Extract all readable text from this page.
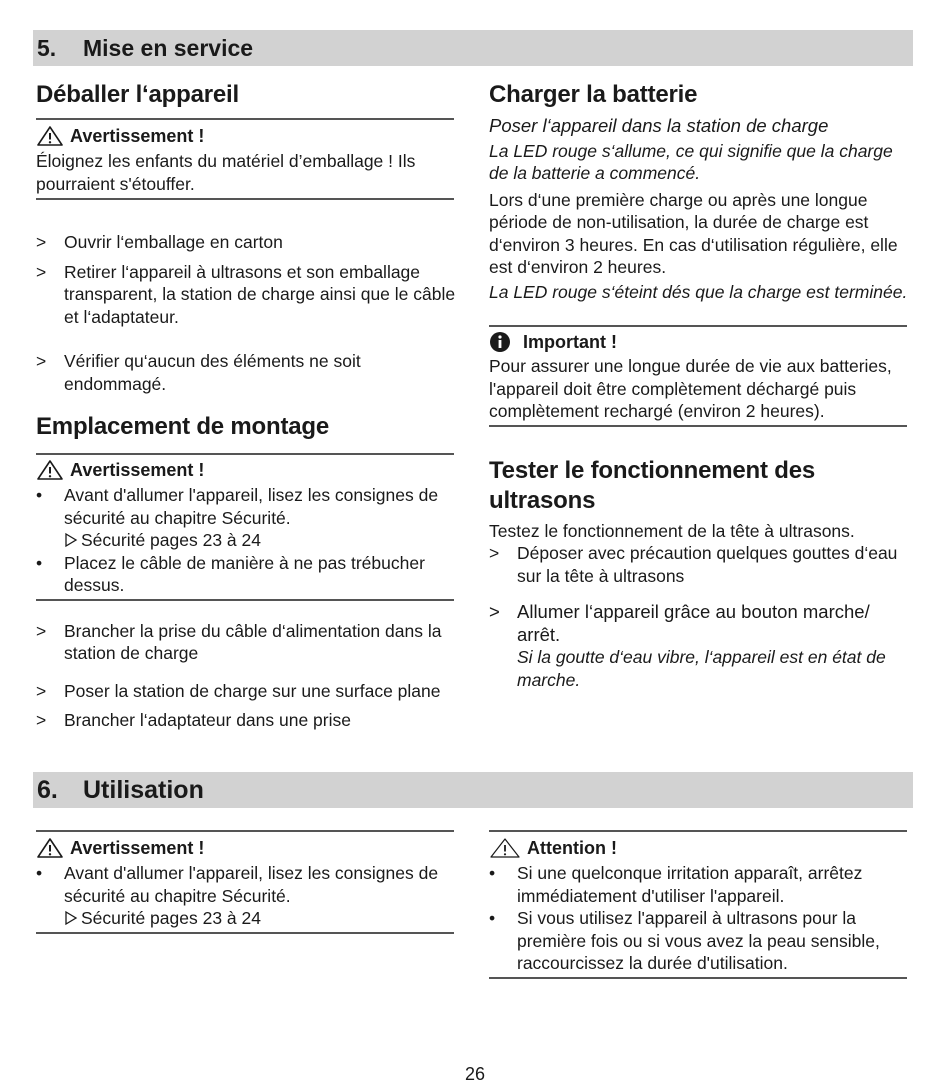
5. Mise en service
Déballer l‘appareil
Avertissement !

Éloignez les enfants du matériel d’emballage ! Ils pourraient s'étouffer.

> Ouvrir l‘emballage en carton
> Retirer l‘appareil à ultrasons et son emballage transparent, la station de charge ainsi que le câble et l‘adaptateur.
> Vérifier qu‘aucun des éléments ne soit endommagé.
Emplacement de montage
Avertissement !
• Avant d'allumer l'appareil, lisez les consignes de sécurité au chapitre Sécurité.
Sécurité pages 23 à 24
• Placez le câble de manière à ne pas trébucher dessus.
> Brancher la prise du câble d‘alimentation dans la station de charge
> Poser la station de charge sur une surface plane
> Brancher l‘adaptateur dans une prise
Charger la batterie

Poser l‘appareil dans la station de charge

La LED rouge s‘allume, ce qui signifie que la charge de la batterie a commencé.

Lors d‘une première charge ou après une longue période de non-utilisation, la durée de charge est d‘environ 3 heures. En cas d‘utilisation régulière, elle est d‘environ 2 heures.

La LED rouge s‘éteint dés que la charge est terminée.

Important !

Pour assurer une longue durée de vie aux batteries, l'appareil doit être complètement déchargé puis complètement rechargé (environ 2 heures).

Tester le fonctionnement des ultrasons

Testez le fonctionnement de la tête à ultrasons.

> Déposer avec précaution quelques gouttes d‘eau sur la tête à ultrasons
> Allumer l‘appareil grâce au bouton marche/ arrêt.
Si la goutte d‘eau vibre, l‘appareil est en état de marche.
6. Utilisation
Avertissement !
• Avant d'allumer l'appareil, lisez les consignes de sécurité au chapitre Sécurité.
Sécurité pages 23 à 24
Attention !
• Si une quelconque irritation apparaît, arrêtez immédiatement d'utiliser l'appareil.
• Si vous utilisez l'appareil à ultrasons pour la première fois ou si vous avez la peau sensible, raccourcissez la durée d'utilisation.
26
